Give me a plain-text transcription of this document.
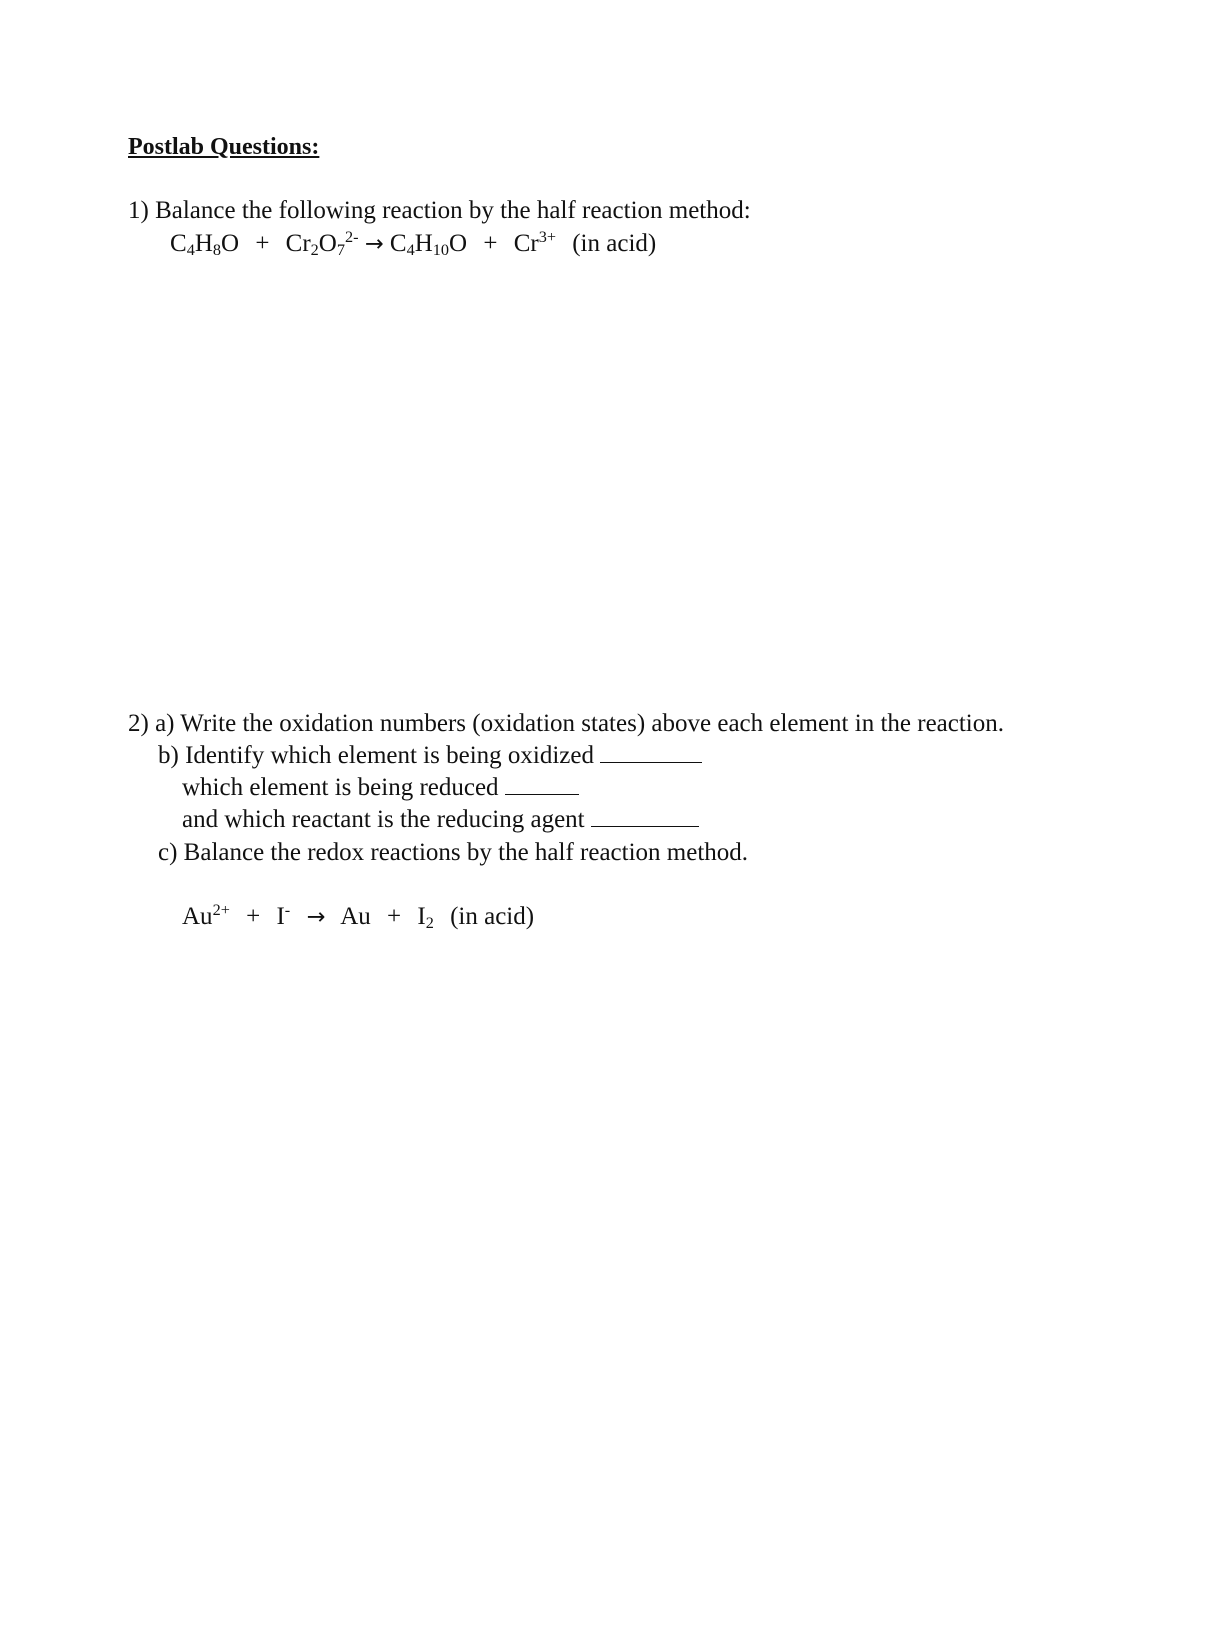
Postlab Questions:
1) Balance the following reaction by the half reaction method:
$C_4H_8O + Cr_2O_7^{2-} \to C_4H_{10}O + Cr^{3+}$ (in acid)
2) a) Write the oxidation numbers (oxidation states) above each element in the reaction.
b) Identify which element is being oxidized
which element is being reduced
and which reactant is the reducing agent
c) Balance the redox reactions by the half reaction method.
$Au^{2+} + I^- \to Au + I_2$ (in acid)
